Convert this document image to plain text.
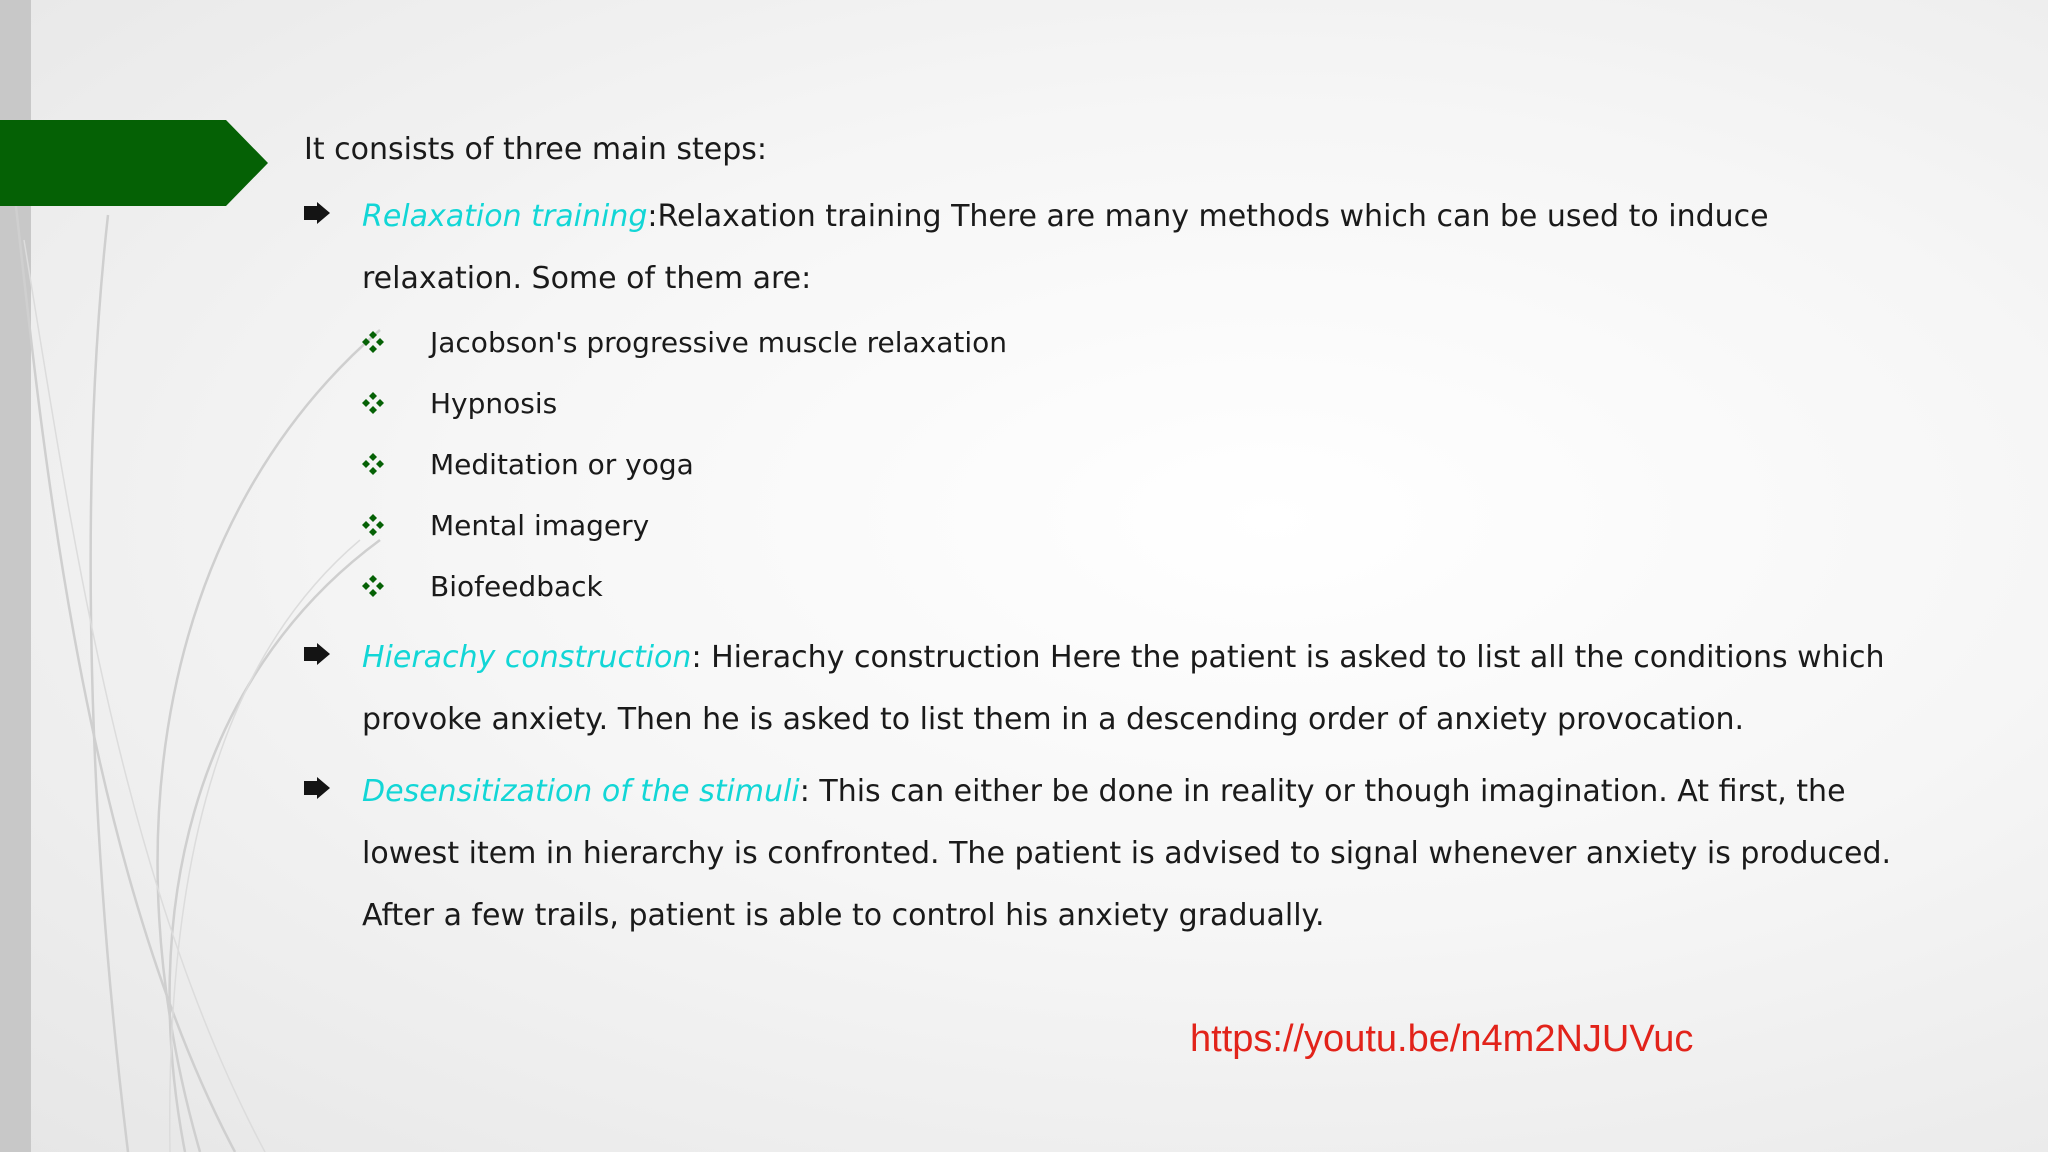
It consists of three main steps:

Relaxation training:Relaxation training There are many methods which can be used to induce relaxation. Some of them are:
Jacobson's progressive muscle relaxation
Hypnosis
Meditation or yoga
Mental imagery
Biofeedback
Hierachy construction: Hierachy construction Here the patient is asked to list all the conditions which provoke anxiety. Then he is asked to list them in a descending order of anxiety provocation.
Desensitization of the stimuli: This can either be done in reality or though imagination. At first, the lowest item in hierarchy is confronted. The patient is advised to signal whenever anxiety is produced. After a few trails, patient is able to control his anxiety gradually.
https://youtu.be/n4m2NJUVuc
